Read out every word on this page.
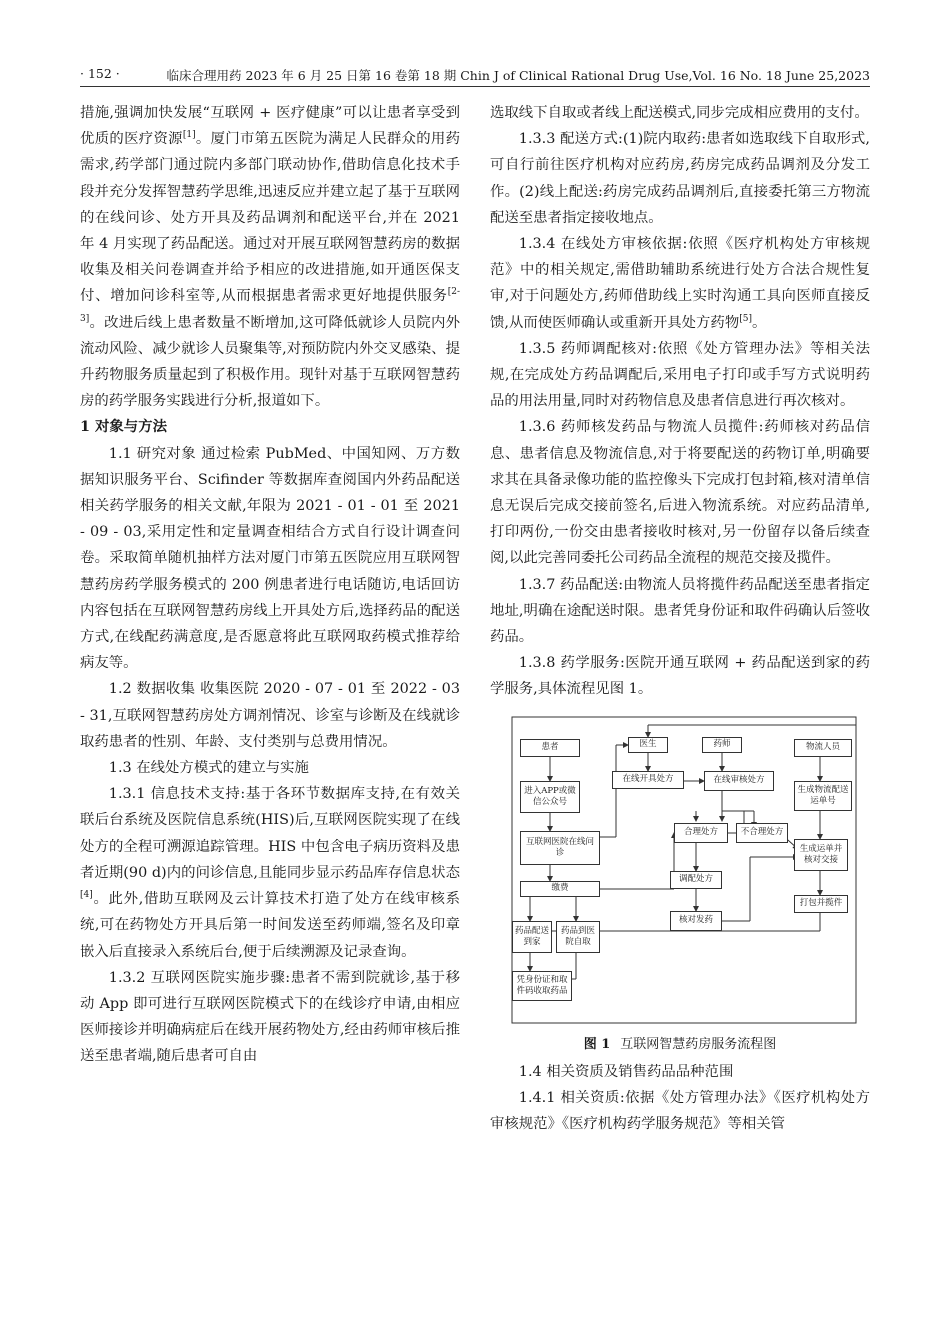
· 152 ·	临床合理用药 2023 年 6 月 25 日第 16 卷第 18 期 Chin J of Clinical Rational Drug Use,Vol. 16 No. 18 June 25,2023

措施,强调加快发展“互联网 + 医疗健康”可以让患者享受到优质的医疗资源[1]。厦门市第五医院为满足人民群众的用药需求,药学部门通过院内多部门联动协作,借助信息化技术手段并充分发挥智慧药学思维,迅速反应并建立起了基于互联网的在线问诊、处方开具及药品调剂和配送平台,并在 2021 年 4 月实现了药品配送。通过对开展互联网智慧药房的数据收集及相关问卷调查并给予相应的改进措施,如开通医保支付、增加问诊科室等,从而根据患者需求更好地提供服务[2-3]。改进后线上患者数量不断增加,这可降低就诊人员院内外流动风险、减少就诊人员聚集等,对预防院内外交叉感染、提升药物服务质量起到了积极作用。现针对基于互联网智慧药房的药学服务实践进行分析,报道如下。

1 对象与方法

1.1 研究对象 通过检索 PubMed、中国知网、万方数据知识服务平台、Scifinder 等数据库查阅国内外药品配送相关药学服务的相关文献,年限为 2021 - 01 - 01 至 2021 - 09 - 03,采用定性和定量调查相结合方式自行设计调查问卷。采取简单随机抽样方法对厦门市第五医院应用互联网智慧药房药学服务模式的 200 例患者进行电话随访,电话回访内容包括在互联网智慧药房线上开具处方后,选择药品的配送方式,在线配药满意度,是否愿意将此互联网取药模式推荐给病友等。

1.2 数据收集 收集医院 2020 - 07 - 01 至 2022 - 03 - 31,互联网智慧药房处方调剂情况、诊室与诊断及在线就诊取药患者的性别、年龄、支付类别与总费用情况。

1.3 在线处方模式的建立与实施

1.3.1 信息技术支持:基于各环节数据库支持,在有效关联后台系统及医院信息系统(HIS)后,互联网医院实现了在线处方的全程可溯源追踪管理。HIS 中包含电子病历资料及患者近期(90 d)内的问诊信息,且能同步显示药品库存信息状态[4]。此外,借助互联网及云计算技术打造了处方在线审核系统,可在药物处方开具后第一时间发送至药师端,签名及印章嵌入后直接录入系统后台,便于后续溯源及记录查询。

1.3.2 互联网医院实施步骤:患者不需到院就诊,基于移动 App 即可进行互联网医院模式下的在线诊疗申请,由相应医师接诊并明确病症后在线开展药物处方,经由药师审核后推送至患者端,随后患者可自由

选取线下自取或者线上配送模式,同步完成相应费用的支付。

1.3.3 配送方式:(1)院内取药:患者如选取线下自取形式,可自行前往医疗机构对应药房,药房完成药品调剂及分发工作。(2)线上配送:药房完成药品调剂后,直接委托第三方物流配送至患者指定接收地点。

1.3.4 在线处方审核依据:依照《医疗机构处方审核规范》中的相关规定,需借助辅助系统进行处方合法合规性复审,对于问题处方,药师借助线上实时沟通工具向医师直接反馈,从而使医师确认或重新开具处方药物[5]。

1.3.5 药师调配核对:依照《处方管理办法》等相关法规,在完成处方药品调配后,采用电子打印或手写方式说明药品的用法用量,同时对药物信息及患者信息进行再次核对。

1.3.6 药师核发药品与物流人员揽件:药师核对药品信息、患者信息及物流信息,对于将要配送的药物订单,明确要求其在具备录像功能的监控像头下完成打包封箱,核对清单信息无误后完成交接前签名,后进入物流系统。对应药品清单,打印两份,一份交由患者接收时核对,另一份留存以备后续查阅,以此完善同委托公司药品全流程的规范交接及揽件。

1.3.7 药品配送:由物流人员将揽件药品配送至患者指定地址,明确在途配送时限。患者凭身份证和取件码确认后签收药品。

1.3.8 药学服务:医院开通互联网 + 药品配送到家的药学服务,具体流程见图 1。

患者
进入APP或微信公众号
互联网医院在线问诊
缴费
药品配送到家
药品到医院自取
凭身份证和取件码收取药品
医生
在线开具处方
药师
在线审核处方
合理处方	不合理处方
调配处方
核对发药
物流人员
生成物流配送运单号
生成运单并核对交接
打包并揽件
图 1 互联网智慧药房服务流程图

1.4 相关资质及销售药品品种范围

1.4.1 相关资质:依据《处方管理办法》《医疗机构处方审核规范》《医疗机构药学服务规范》等相关管
